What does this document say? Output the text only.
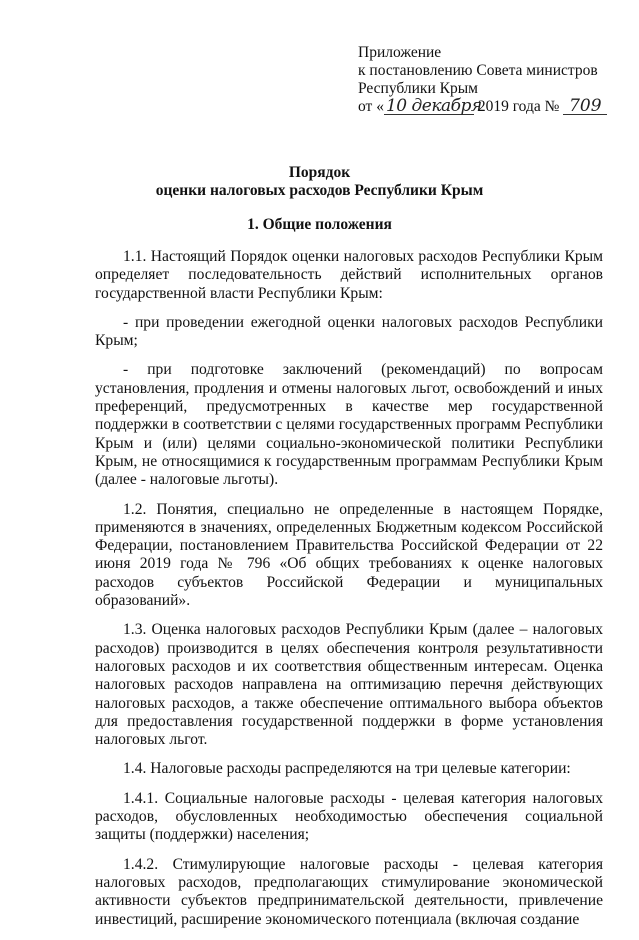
Приложение
к постановлению Совета министров
Республики Крым
от « 10 декабря 2019 года № 709
Порядок
оценки налоговых расходов Республики Крым
1. Общие положения

1.1. Настоящий Порядок оценки налоговых расходов Республики Крым определяет последовательность действий исполнительных органов государственной власти Республики Крым:

- при проведении ежегодной оценки налоговых расходов Республики Крым;

- при подготовке заключений (рекомендаций) по вопросам установления, продления и отмены налоговых льгот, освобождений и иных преференций, предусмотренных в качестве мер государственной поддержки в соответствии с целями государственных программ Республики Крым и (или) целями социально-экономической политики Республики Крым, не относящимися к государственным программам Республики Крым (далее - налоговые льготы).

1.2. Понятия, специально не определенные в настоящем Порядке, применяются в значениях, определенных Бюджетным кодексом Российской Федерации, постановлением Правительства Российской Федерации от 22 июня 2019 года № 796 «Об общих требованиях к оценке налоговых расходов субъектов Российской Федерации и муниципальных образований».

1.3. Оценка налоговых расходов Республики Крым (далее – налоговых расходов) производится в целях обеспечения контроля результативности налоговых расходов и их соответствия общественным интересам. Оценка налоговых расходов направлена на оптимизацию перечня действующих налоговых расходов, а также обеспечение оптимального выбора объектов для предоставления государственной поддержки в форме установления налоговых льгот.

1.4. Налоговые расходы распределяются на три целевые категории:

1.4.1. Социальные налоговые расходы - целевая категория налоговых расходов, обусловленных необходимостью обеспечения социальной защиты (поддержки) населения;

1.4.2. Стимулирующие налоговые расходы - целевая категория налоговых расходов, предполагающих стимулирование экономической активности субъектов предпринимательской деятельности, привлечение инвестиций, расширение экономического потенциала (включая создание
